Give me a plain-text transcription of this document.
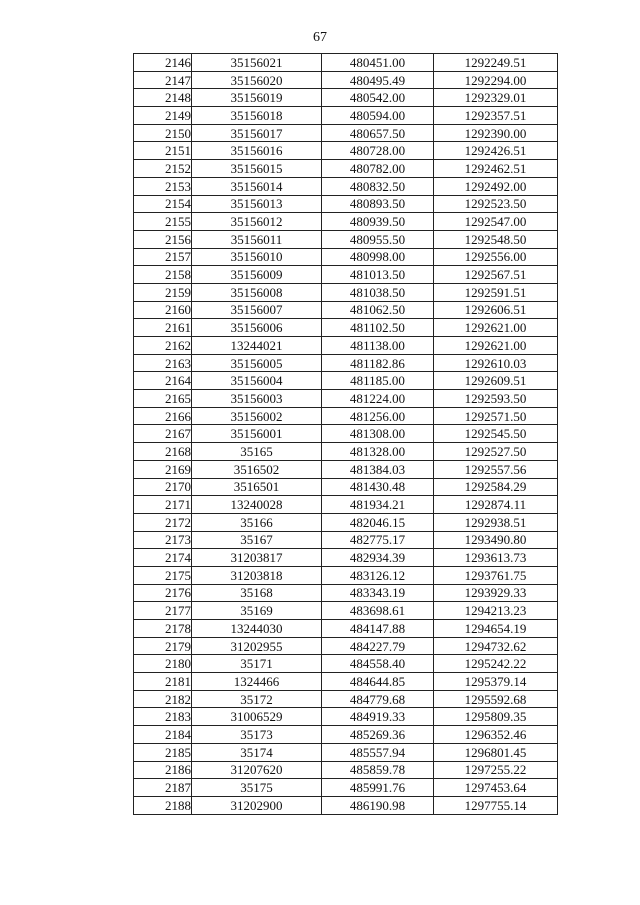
67
2146	35156021	480451.00	1292249.51
2147	35156020	480495.49	1292294.00
2148	35156019	480542.00	1292329.01
2149	35156018	480594.00	1292357.51
2150	35156017	480657.50	1292390.00
2151	35156016	480728.00	1292426.51
2152	35156015	480782.00	1292462.51
2153	35156014	480832.50	1292492.00
2154	35156013	480893.50	1292523.50
2155	35156012	480939.50	1292547.00
2156	35156011	480955.50	1292548.50
2157	35156010	480998.00	1292556.00
2158	35156009	481013.50	1292567.51
2159	35156008	481038.50	1292591.51
2160	35156007	481062.50	1292606.51
2161	35156006	481102.50	1292621.00
2162	13244021	481138.00	1292621.00
2163	35156005	481182.86	1292610.03
2164	35156004	481185.00	1292609.51
2165	35156003	481224.00	1292593.50
2166	35156002	481256.00	1292571.50
2167	35156001	481308.00	1292545.50
2168	35165	481328.00	1292527.50
2169	3516502	481384.03	1292557.56
2170	3516501	481430.48	1292584.29
2171	13240028	481934.21	1292874.11
2172	35166	482046.15	1292938.51
2173	35167	482775.17	1293490.80
2174	31203817	482934.39	1293613.73
2175	31203818	483126.12	1293761.75
2176	35168	483343.19	1293929.33
2177	35169	483698.61	1294213.23
2178	13244030	484147.88	1294654.19
2179	31202955	484227.79	1294732.62
2180	35171	484558.40	1295242.22
2181	1324466	484644.85	1295379.14
2182	35172	484779.68	1295592.68
2183	31006529	484919.33	1295809.35
2184	35173	485269.36	1296352.46
2185	35174	485557.94	1296801.45
2186	31207620	485859.78	1297255.22
2187	35175	485991.76	1297453.64
2188	31202900	486190.98	1297755.14
